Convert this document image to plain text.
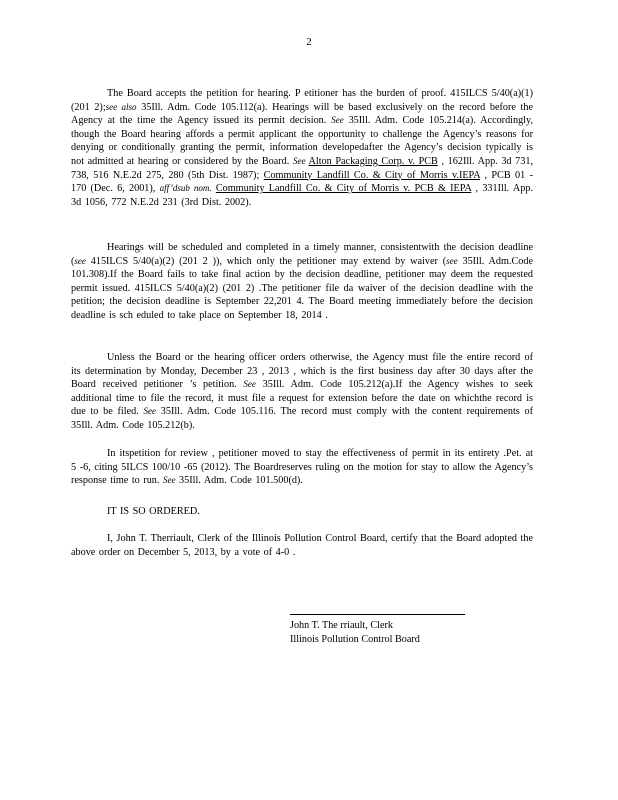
2

The Board accepts the petition for hearing. P etitioner has the burden of proof. 415ILCS 5/40(a)(1) (201 2);see also 35Ill. Adm. Code 105.112(a). Hearings will be based exclusively on the record before the Agency at the time the Agency issued its permit decision. See 35Ill. Adm. Code 105.214(a). Accordingly, though the Board hearing affords a permit applicant the opportunity to challenge the Agency’s reasons for denying or conditionally granting the permit, information developedafter the Agency’s decision typically is not admitted at hearing or considered by the Board. See Alton Packaging Corp. v. PCB , 162Ill. App. 3d 731, 738, 516 N.E.2d 275, 280 (5th Dist. 1987); Community Landfill Co. & City of Morris v.IEPA , PCB 01 - 170 (Dec. 6, 2001), aff’dsub nom. Community Landfill Co. & City of Morris v. PCB & IEPA , 331Ill. App. 3d 1056, 772 N.E.2d 231 (3rd Dist. 2002).

Hearings will be scheduled and completed in a timely manner, consistentwith the decision deadline (see 415ILCS 5/40(a)(2) (201 2 )), which only the petitioner may extend by waiver (see 35Ill. Adm.Code 101.308).If the Board fails to take final action by the decision deadline, petitioner may deem the requested permit issued. 415ILCS 5/40(a)(2) (201 2) .The petitioner file da waiver of the decision deadline with the petition; the decision deadline is September 22,201 4. The Board meeting immediately before the decision deadline is sch eduled to take place on September 18, 2014 .

Unless the Board or the hearing officer orders otherwise, the Agency must file the entire record of its determination by Monday, December 23 , 2013 , which is the first business day after 30 days after the Board received petitioner ’s petition. See 35Ill. Adm. Code 105.212(a).If the Agency wishes to seek additional time to file the record, it must file a request for extension before the date on whichthe record is due to be filed. See 35Ill. Adm. Code 105.116. The record must comply with the content requirements of 35Ill. Adm. Code 105.212(b).

In itspetition for review , petitioner moved to stay the effectiveness of permit in its entirety .Pet. at 5 -6, citing 5ILCS 100/10 -65 (2012). The Boardreserves ruling on the motion for stay to allow the Agency’s response time to run. See 35Ill. Adm. Code 101.500(d).

IT IS SO ORDERED.

I, John T. Therriault, Clerk of the Illinois Pollution Control Board, certify that the Board adopted the above order on December 5, 2013, by a vote of 4-0 .

John T. The rriault, Clerk
Illinois Pollution Control Board
